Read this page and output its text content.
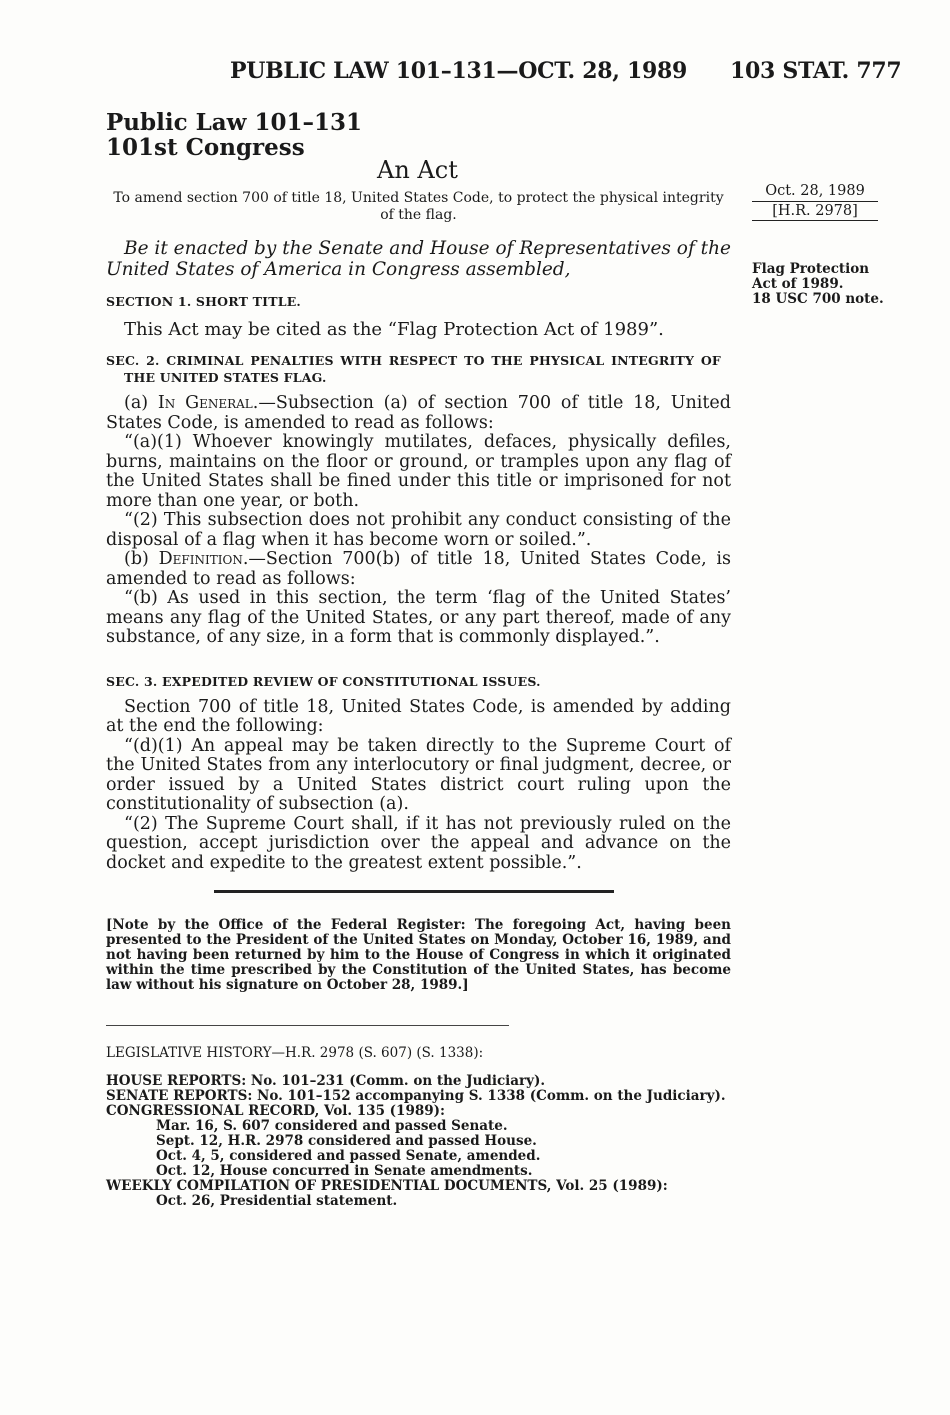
PUBLIC LAW 101–131—OCT. 28, 1989 103 STAT. 777
Public Law 101–131
101st Congress
An Act
To amend section 700 of title 18, United States Code, to protect the physical integrity of the flag.
Oct. 28, 1989
[H.R. 2978]
Flag Protection
Act of 1989.
18 USC 700 note.

Be it enacted by the Senate and House of Representatives of the United States of America in Congress assembled,

SECTION 1. SHORT TITLE.

This Act may be cited as the “Flag Protection Act of 1989”.

SEC. 2. CRIMINAL PENALTIES WITH RESPECT TO THE PHYSICAL INTEGRITY OF THE UNITED STATES FLAG.

(a) In General.—Subsection (a) of section 700 of title 18, United States Code, is amended to read as follows:

“(a)(1) Whoever knowingly mutilates, defaces, physically defiles, burns, maintains on the floor or ground, or tramples upon any flag of the United States shall be fined under this title or imprisoned for not more than one year, or both.

“(2) This subsection does not prohibit any conduct consisting of the disposal of a flag when it has become worn or soiled.”.

(b) Definition.—Section 700(b) of title 18, United States Code, is amended to read as follows:

“(b) As used in this section, the term ‘flag of the United States’ means any flag of the United States, or any part thereof, made of any substance, of any size, in a form that is commonly displayed.”.

SEC. 3. EXPEDITED REVIEW OF CONSTITUTIONAL ISSUES.

Section 700 of title 18, United States Code, is amended by adding at the end the following:

“(d)(1) An appeal may be taken directly to the Supreme Court of the United States from any interlocutory or final judgment, decree, or order issued by a United States district court ruling upon the constitutionality of subsection (a).

“(2) The Supreme Court shall, if it has not previously ruled on the question, accept jurisdiction over the appeal and advance on the docket and expedite to the greatest extent possible.”.

[Note by the Office of the Federal Register: The foregoing Act, having been presented to the President of the United States on Monday, October 16, 1989, and not having been returned by him to the House of Congress in which it originated within the time prescribed by the Constitution of the United States, has become law without his signature on October 28, 1989.]
LEGISLATIVE HISTORY—H.R. 2978 (S. 607) (S. 1338):
HOUSE REPORTS: No. 101–231 (Comm. on the Judiciary).
SENATE REPORTS: No. 101–152 accompanying S. 1338 (Comm. on the Judiciary).
CONGRESSIONAL RECORD, Vol. 135 (1989):
Mar. 16, S. 607 considered and passed Senate.
Sept. 12, H.R. 2978 considered and passed House.
Oct. 4, 5, considered and passed Senate, amended.
Oct. 12, House concurred in Senate amendments.
WEEKLY COMPILATION OF PRESIDENTIAL DOCUMENTS, Vol. 25 (1989):
Oct. 26, Presidential statement.
